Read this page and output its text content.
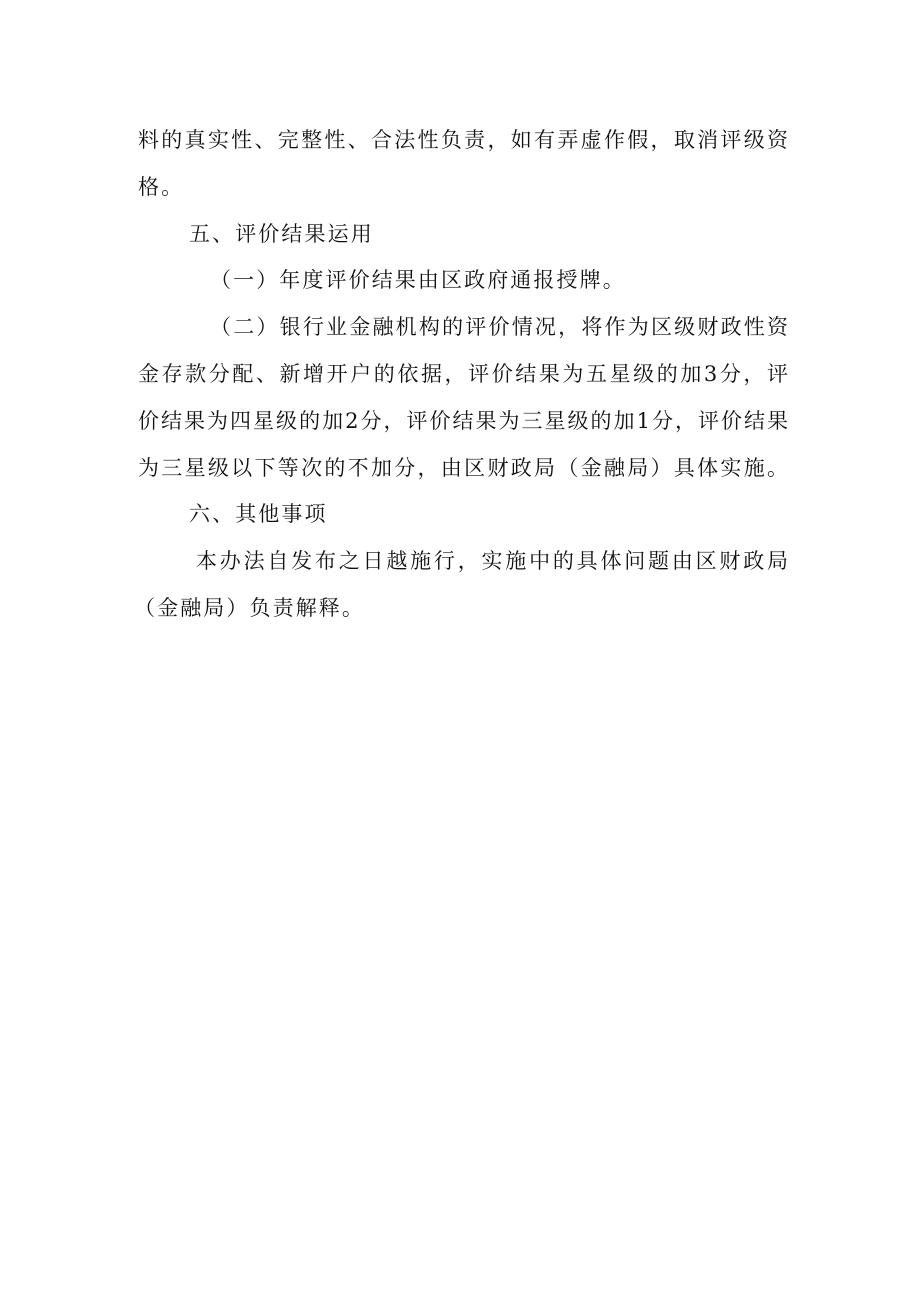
料的真实性、完整性、合法性负责，如有弄虚作假，取消评级资
格。
五、评价结果运用
（一）年度评价结果由区政府通报授牌。
（二）银行业金融机构的评价情况，将作为区级财政性资
金存款分配、新增开户的依据，评价结果为五星级的加3分，评
价结果为四星级的加2分，评价结果为三星级的加1分，评价结果
为三星级以下等次的不加分，由区财政局（金融局）具体实施。
六、其他事项
本办法自发布之日越施行，实施中的具体问题由区财政局
（金融局）负责解释。
